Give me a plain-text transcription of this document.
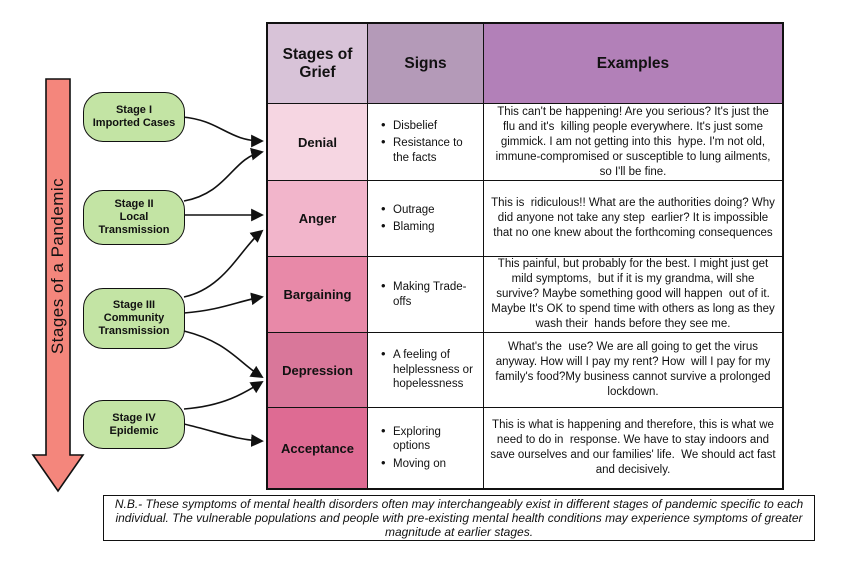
Stages of a Pandemic
Stage I
Imported Cases
Stage II
Local
Transmission
Stage III
Community
Transmission
Stage IV
Epidemic
Stages of Grief
Signs	Examples
Denial
• Disbelief
• Resistance to the facts
This can't be happening! Are you serious? It's just the flu and it's  killing people everywhere. It's just some gimmick. I am not getting into this  hype. I'm not old, immune-compromised or susceptible to lung ailments, so I'll be fine.
Anger
• Outrage
• Blaming
This is  ridiculous!! What are the authorities doing? Why did anyone not take any step  earlier? It is impossible that no one knew about the forthcoming consequences
Bargaining	• Making Trade-offs
This painful, but probably for the best. I might just get mild symptoms,  but if it is my grandma, will she survive? Maybe something good will happen  out of it. Maybe It's OK to spend time with others as long as they wash their  hands before they see me.
Depression
• A feeling of helplessness or hopelessness
What's the  use? We are all going to get the virus anyway. How will I pay my rent? How  will I pay for my family's food?My business cannot survive a prolonged  lockdown.
Acceptance
• Exploring options
• Moving on
This is what is happening and therefore, this is what we need to do in  response. We have to stay indoors and save ourselves and our families' life.  We should act fast and decisively.
N.B.- These symptoms of mental health disorders often may interchangeably exist in different stages of pandemic specific to each individual. The vulnerable populations and people with pre-existing mental health conditions may experience symptoms of greater magnitude at earlier stages.
